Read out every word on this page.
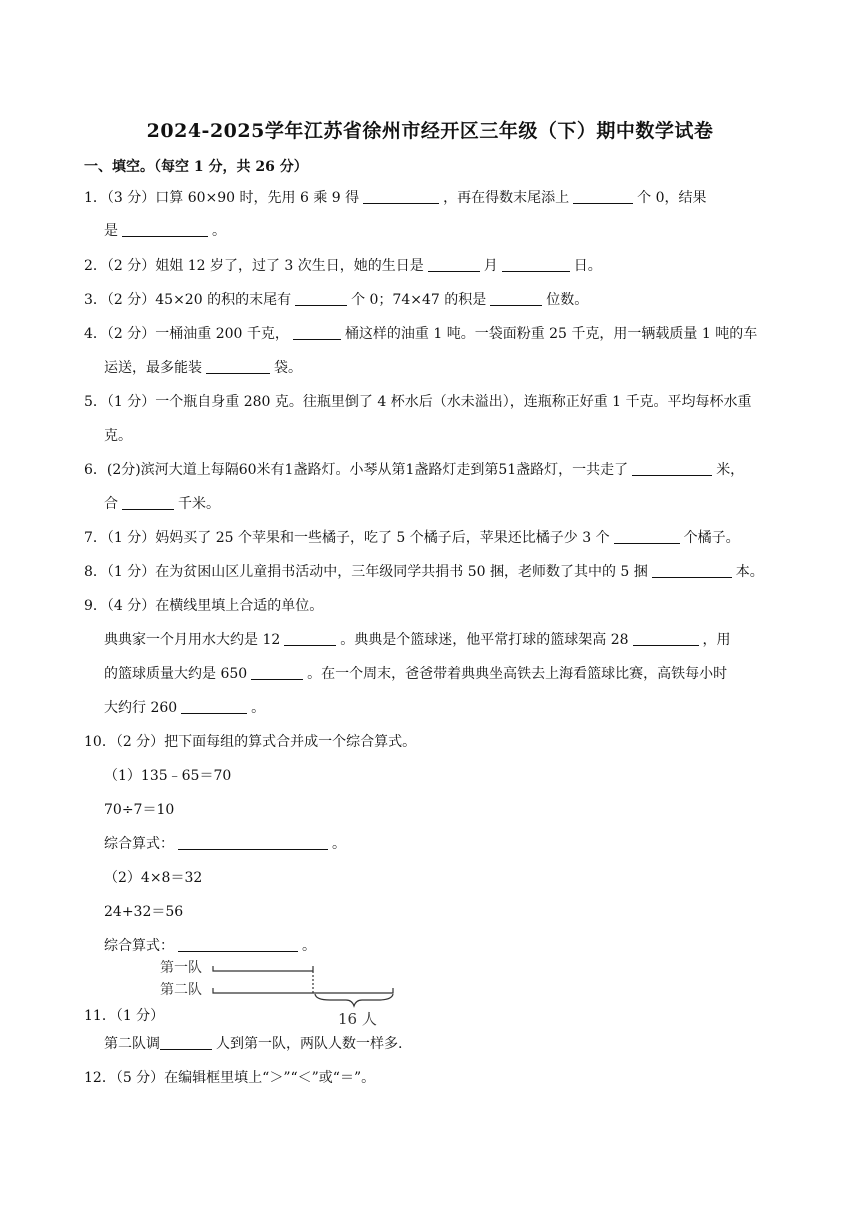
2024-2025学年江苏省徐州市经开区三年级（下）期中数学试卷
一、填空。（每空 1 分，共 26 分）
1．（3 分）口算 60×90 时，先用 6 乘 9 得	，再在得数末尾添上	个 0，结果
是	。
2．（2 分）姐姐 12 岁了，过了 3 次生日，她的生日是	月	日。
3．（2 分）45×20 的积的末尾有	个 0；74×47 的积是	位数。
4．（2 分）一桶油重 200 千克，	桶这样的油重 1 吨。一袋面粉重 25 千克，用一辆载质量 1 吨的车
运送，最多能装	袋。
5．（1 分）一个瓶自身重 280 克。往瓶里倒了 4 杯水后（水未溢出），连瓶称正好重 1 千克。平均每杯水重
克。
6．(2分)滨河大道上每隔60米有1盏路灯。小琴从第1盏路灯走到第51盏路灯，一共走了	米，
合	千米。
7．（1 分）妈妈买了 25 个苹果和一些橘子，吃了 5 个橘子后，苹果还比橘子少 3 个	个橘子。
8．（1 分）在为贫困山区儿童捐书活动中，三年级同学共捐书 50 捆，老师数了其中的 5 捆	本。
9．（4 分）在横线里填上合适的单位。
典典家一个月用水大约是 12	。典典是个篮球迷，他平常打球的篮球架高 28	，用
的篮球质量大约是 650	。在一个周末，爸爸带着典典坐高铁去上海看篮球比赛，高铁每小时
大约行 260	。
10．（2 分）把下面每组的算式合并成一个综合算式。
（1）135﹣65＝70
70÷7＝10
综合算式：	。
（2）4×8＝32
24+32＝56
综合算式：	。
第一队
第二队
16 人
11．（1 分）
第二队调	人到第一队，两队人数一样多.
12．（5 分）在编辑框里填上“＞”“＜”或“＝”。
